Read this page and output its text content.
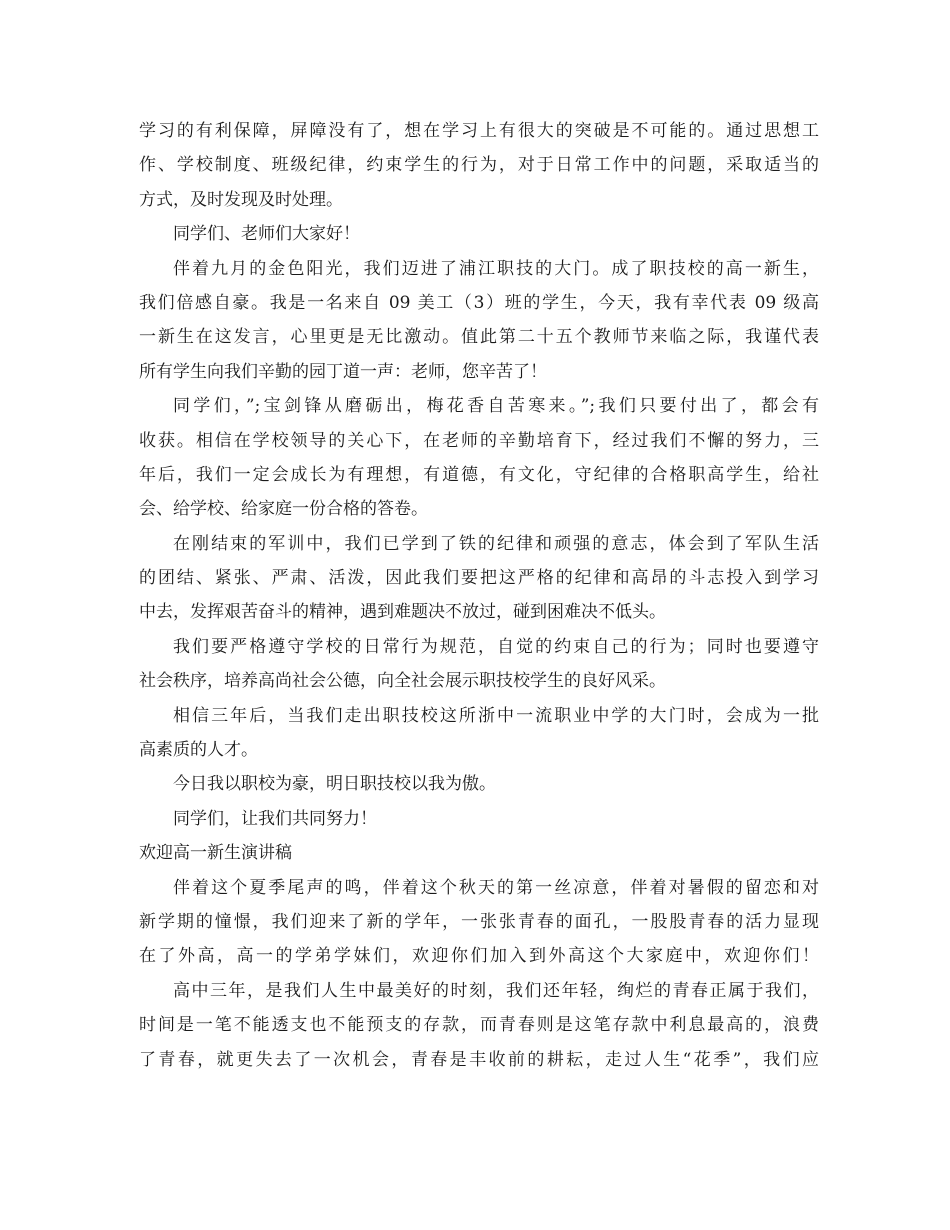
学习的有利保障，屏障没有了，想在学习上有很大的突破是不可能的。通过思想工
作、学校制度、班级纪律，约束学生的行为，对于日常工作中的问题，采取适当的
方式，及时发现及时处理。
同学们、老师们大家好！
伴着九月的金色阳光，我们迈进了浦江职技的大门。成了职技校的高一新生，
我们倍感自豪。我是一名来自 09 美工（3）班的学生，今天，我有幸代表 09 级高
一新生在这发言，心里更是无比激动。值此第二十五个教师节来临之际，我谨代表
所有学生向我们辛勤的园丁道一声：老师，您辛苦了！
同学们，”;宝剑锋从磨砺出，梅花香自苦寒来。”;我们只要付出了，都会有
收获。相信在学校领导的关心下，在老师的辛勤培育下，经过我们不懈的努力，三
年后，我们一定会成长为有理想，有道德，有文化，守纪律的合格职高学生，给社
会、给学校、给家庭一份合格的答卷。
在刚结束的军训中，我们已学到了铁的纪律和顽强的意志，体会到了军队生活
的团结、紧张、严肃、活泼，因此我们要把这严格的纪律和高昂的斗志投入到学习
中去，发挥艰苦奋斗的精神，遇到难题决不放过，碰到困难决不低头。
我们要严格遵守学校的日常行为规范，自觉的约束自己的行为；同时也要遵守
社会秩序，培养高尚社会公德，向全社会展示职技校学生的良好风采。
相信三年后，当我们走出职技校这所浙中一流职业中学的大门时，会成为一批
高素质的人才。
今日我以职校为豪，明日职技校以我为傲。
同学们，让我们共同努力！
欢迎高一新生演讲稿
伴着这个夏季尾声的鸣，伴着这个秋天的第一丝凉意，伴着对暑假的留恋和对
新学期的憧憬，我们迎来了新的学年，一张张青春的面孔，一股股青春的活力显现
在了外高，高一的学弟学妹们，欢迎你们加入到外高这个大家庭中，欢迎你们！
高中三年，是我们人生中最美好的时刻，我们还年轻，绚烂的青春正属于我们，
时间是一笔不能透支也不能预支的存款，而青春则是这笔存款中利息最高的，浪费
了青春，就更失去了一次机会，青春是丰收前的耕耘，走过人生“花季”，我们应
